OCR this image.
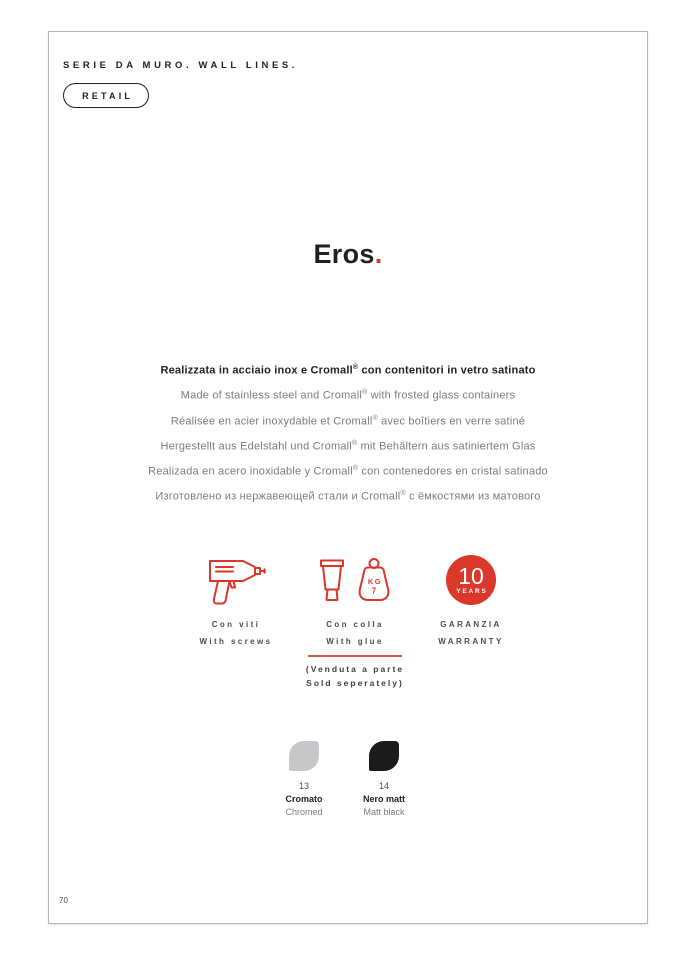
SERIE DA MURO. WALL LINES.
RETAIL
Eros.

Realizzata in acciaio inox e Cromall® con contenitori in vetro satinato

Made of stainless steel and Cromall® with frosted glass containers

Réalisée en acier inoxydable et Cromall® avec boîtiers en verre satiné

Hergestellt aus Edelstahl und Cromall® mit Behältern aus satiniertem Glas

Realizada en acero inoxidable y Cromall® con contenedores en cristal satinado

Изготовлено из нержавеющей стали и Cromall® с ёмкостями из матового

Con viti

With screws

KG
7

Con colla

With glue

(Venduta a parte

Sold seperately)

10
YEARS

GARANZIA

WARRANTY

13

Cromato

Chromed

14

Nero matt

Matt black

70
